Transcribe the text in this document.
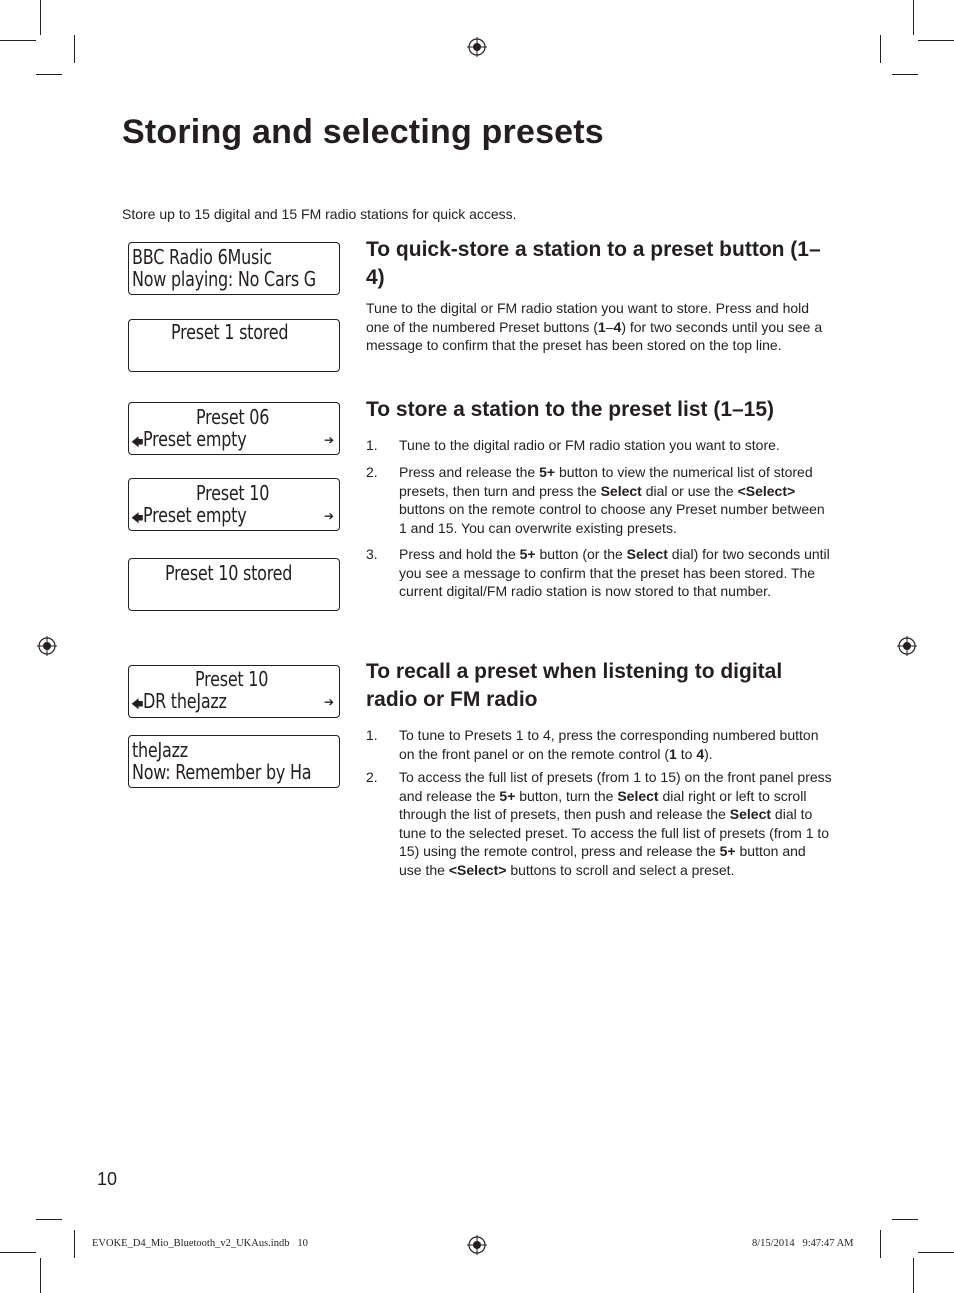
Storing and selecting presets
Store up to 15 digital and 15 FM radio stations for quick access.
BBC Radio 6Music
Now playing: No Cars G
Preset 1 stored
Preset 06
🡄 Preset empty	➔
Preset 10
🡄 Preset empty	➔
Preset 10 stored
Preset 10
🡄 DR theJazz	➔
theJazz
Now: Remember by Ha
To quick-store a station to a preset button (1–4)
Tune to the digital or FM radio station you want to store. Press and hold one of the numbered Preset buttons (1–4) for two seconds until you see a message to confirm that the preset has been stored on the top line.
To store a station to the preset list (1–15)
1. Tune to the digital radio or FM radio station you want to store.
2. Press and release the 5+ button to view the numerical list of stored presets, then turn and press the Select dial or use the <Select> buttons on the remote control to choose any Preset number between 1 and 15. You can overwrite existing presets.
3. Press and hold the 5+ button (or the Select dial) for two seconds until you see a message to confirm that the preset has been stored. The current digital/FM radio station is now stored to that number.
To recall a preset when listening to digital radio or FM radio
1. To tune to Presets 1 to 4, press the corresponding numbered button on the front panel or on the remote control (1 to 4).
2. To access the full list of presets (from 1 to 15) on the front panel press and release the 5+ button, turn the Select dial right or left to scroll through the list of presets, then push and release the Select dial to tune to the selected preset. To access the full list of presets (from 1 to 15) using the remote control, press and release the 5+ button and use the <Select> buttons to scroll and select a preset.
10
EVOKE_D4_Mio_Bluetooth_v2_UKAus.indb   10	8/15/2014   9:47:47 AM
